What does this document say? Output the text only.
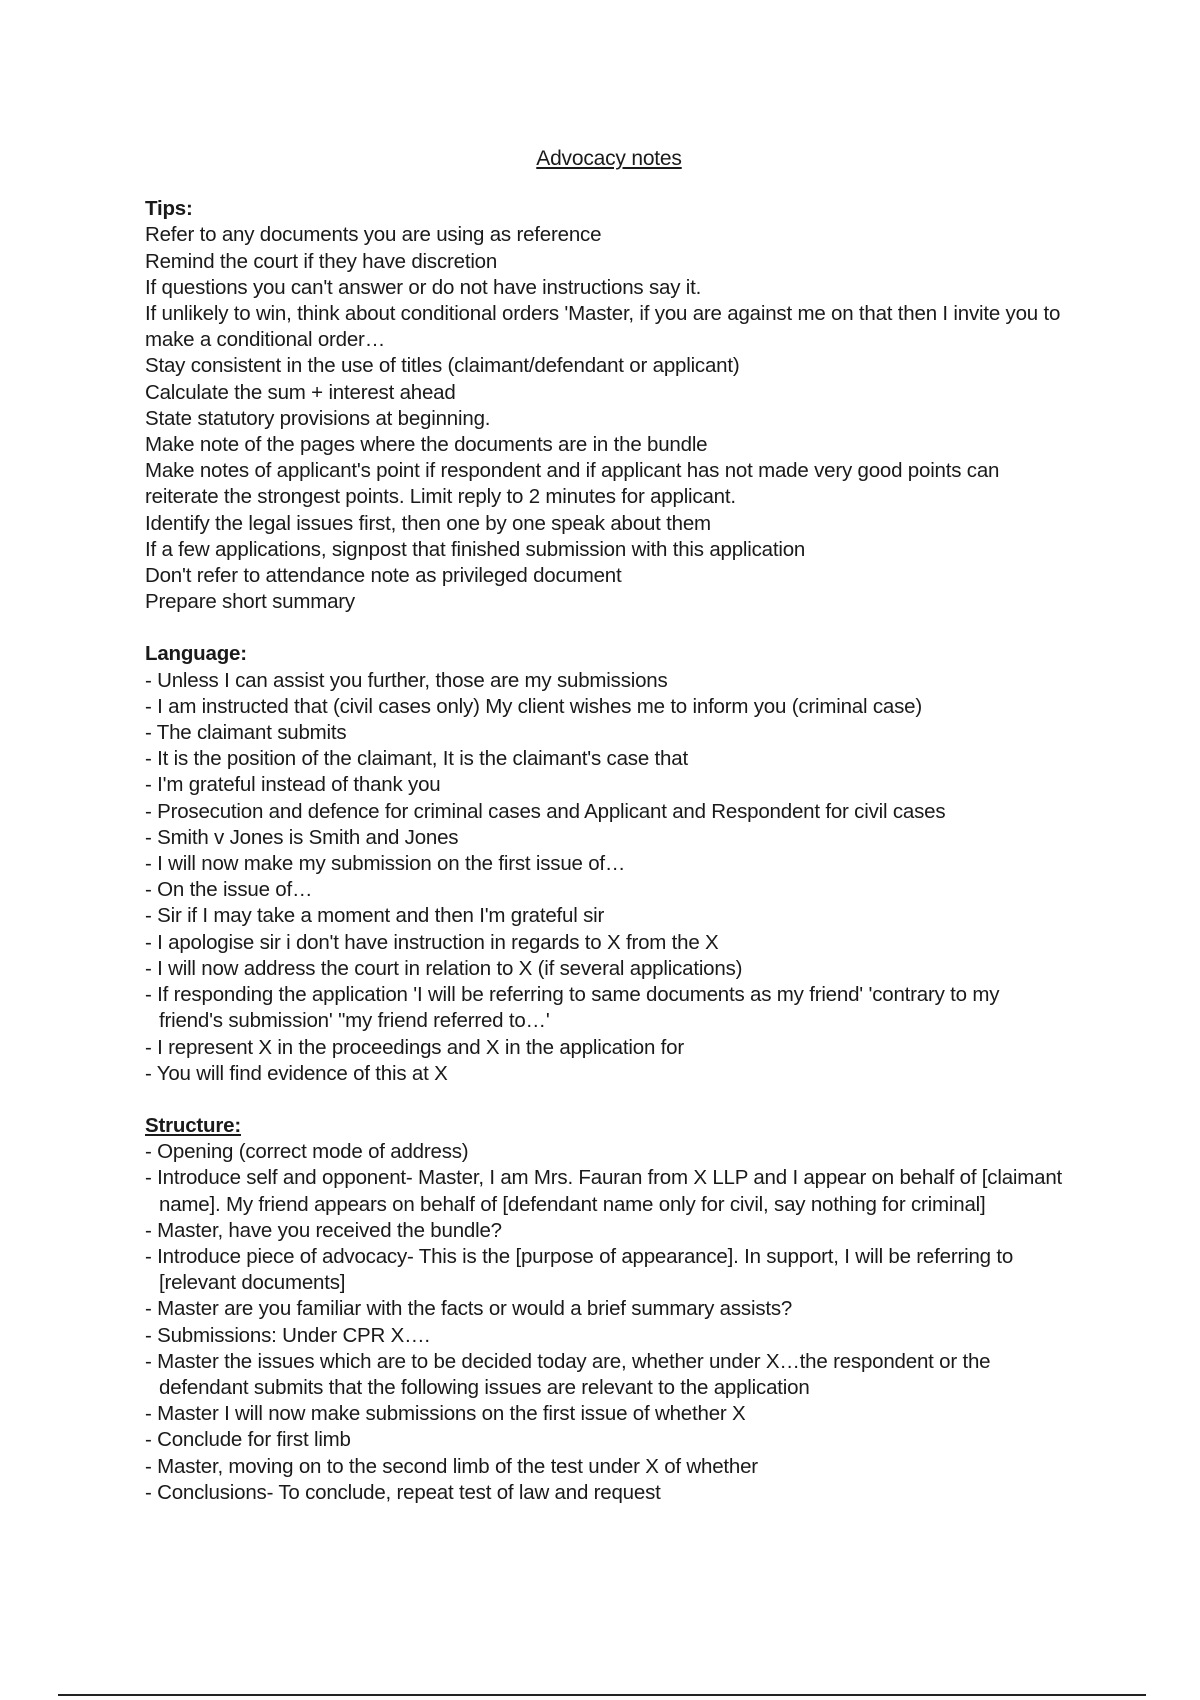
Advocacy notes
Tips:
Refer to any documents you are using as reference
Remind the court if they have discretion
If questions you can't answer or do not have instructions say it.
If unlikely to win, think about conditional orders 'Master, if you are against me on that then I invite you to make a conditional order…
Stay consistent in the use of titles (claimant/defendant or applicant)
Calculate the sum + interest ahead
State statutory provisions at beginning.
Make note of the pages where the documents are in the bundle
Make notes of applicant's point if respondent and if applicant has not made very good points can reiterate the strongest points. Limit reply to 2 minutes for applicant.
Identify the legal issues first, then one by one speak about them
If a few applications, signpost that finished submission with this application
Don't refer to attendance note as privileged document
Prepare short summary
Language:
- Unless I can assist you further, those are my submissions
- I am instructed that (civil cases only) My client wishes me to inform you (criminal case)
- The claimant submits
- It is the position of the claimant, It is the claimant's case that
- I'm grateful instead of thank you
- Prosecution and defence for criminal cases and Applicant and Respondent for civil cases
- Smith v Jones is Smith and Jones
- I will now make my submission on the first issue of…
- On the issue of…
- Sir if I may take a moment and then I'm grateful sir
- I apologise sir i don't have instruction in regards to X from the X
- I will now address the court in relation to X (if several applications)
- If responding the application 'I will be referring to same documents as my friend' 'contrary to my friend's submission' "my friend referred to…'
- I represent X in the proceedings and X in the application for
- You will find evidence of this at X
Structure:
- Opening (correct mode of address)
- Introduce self and opponent- Master, I am Mrs. Fauran from X LLP and I appear on behalf of [claimant name]. My friend appears on behalf of [defendant name only for civil, say nothing for criminal]
- Master, have you received the bundle?
- Introduce piece of advocacy- This is the [purpose of appearance]. In support, I will be referring to [relevant documents]
- Master are you familiar with the facts or would a brief summary assists?
- Submissions: Under CPR X….
- Master the issues which are to be decided today are, whether under X…the respondent or the defendant submits that the following issues are relevant to the application
- Master I will now make submissions on the first issue of whether X
- Conclude for first limb
- Master, moving on to the second limb of the test under X of whether
- Conclusions- To conclude, repeat test of law and request
